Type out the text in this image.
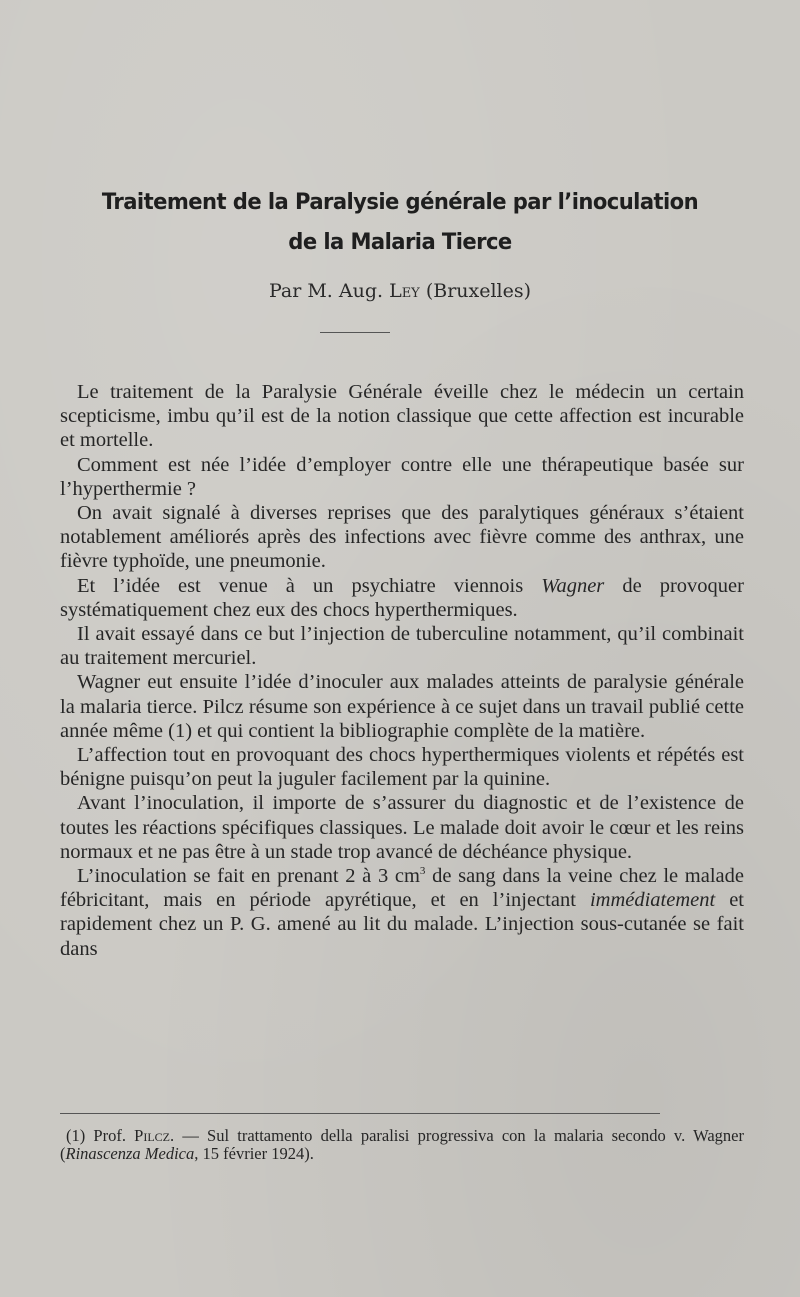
Traitement de la Paralysie générale par l’inoculation
de la Malaria Tierce
Par M. Aug. Ley (Bruxelles)

Le traitement de la Paralysie Générale éveille chez le médecin un certain scepticisme, imbu qu’il est de la notion classique que cette affection est incurable et mortelle.

Comment est née l’idée d’employer contre elle une thérapeutique basée sur l’hyperthermie ?

On avait signalé à diverses reprises que des paralytiques généraux s’étaient notablement améliorés après des infections avec fièvre comme des anthrax, une fièvre typhoïde, une pneumonie.

Et l’idée est venue à un psychiatre viennois Wagner de provoquer systématiquement chez eux des chocs hyperthermiques.

Il avait essayé dans ce but l’injection de tuberculine notamment, qu’il combinait au traitement mercuriel.

Wagner eut ensuite l’idée d’inoculer aux malades atteints de paralysie générale la malaria tierce. Pilcz résume son expérience à ce sujet dans un travail publié cette année même (1) et qui contient la bibliographie complète de la matière.

L’affection tout en provoquant des chocs hyperthermiques violents et répétés est bénigne puisqu’on peut la juguler facilement par la quinine.

Avant l’inoculation, il importe de s’assurer du diagnostic et de l’existence de toutes les réactions spécifiques classiques. Le malade doit avoir le cœur et les reins normaux et ne pas être à un stade trop avancé de déchéance physique.

L’inoculation se fait en prenant 2 à 3 $cm^3$ de sang dans la veine chez le malade fébricitant, mais en période apyrétique, et en l’injectant immédiatement et rapidement chez un P. G. amené au lit du malade. L’injection sous-cutanée se fait dans

(1) Prof. Pilcz. — Sul trattamento della paralisi progressiva con la malaria secondo v. Wagner (Rinascenza Medica, 15 février 1924).
